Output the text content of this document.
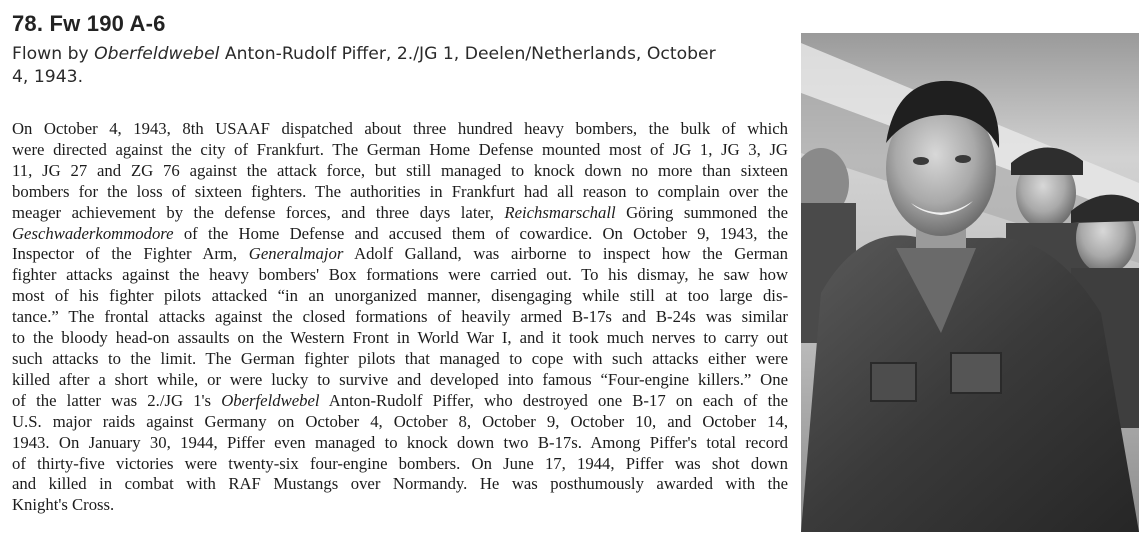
78. Fw 190 A-6
Flown by Oberfeldwebel Anton-Rudolf Piffer, 2./JG 1, Deelen/Netherlands, October
4, 1943.
On October 4, 1943, 8th USAAF dispatched about three hundred heavy bombers, the bulk of which
were directed against the city of Frankfurt. The German Home Defense mounted most of JG 1, JG 3, JG
11, JG 27 and ZG 76 against the attack force, but still managed to knock down no more than sixteen
bombers for the loss of sixteen fighters. The authorities in Frankfurt had all reason to complain over the
meager achievement by the defense forces, and three days later, Reichsmarschall Göring summoned the
Geschwaderkommodore of the Home Defense and accused them of cowardice. On October 9, 1943, the
Inspector of the Fighter Arm, Generalmajor Adolf Galland, was airborne to inspect how the German
fighter attacks against the heavy bombers' Box formations were carried out. To his dismay, he saw how
most of his fighter pilots attacked “in an unorganized manner, disengaging while still at too large dis-
tance.” The frontal attacks against the closed formations of heavily armed B-17s and B-24s was similar
to the bloody head-on assaults on the Western Front in World War I, and it took much nerves to carry out
such attacks to the limit. The German fighter pilots that managed to cope with such attacks either were
killed after a short while, or were lucky to survive and developed into famous “Four-engine killers.” One
of the latter was 2./JG 1's Oberfeldwebel Anton-Rudolf Piffer, who destroyed one B-17 on each of the
U.S. major raids against Germany on October 4, October 8, October 9, October 10, and October 14,
1943. On January 30, 1944, Piffer even managed to knock down two B-17s. Among Piffer's total record
of thirty-five victories were twenty-six four-engine bombers. On June 17, 1944, Piffer was shot down
and killed in combat with RAF Mustangs over Normandy. He was posthumously awarded with the
Knight's Cross.
